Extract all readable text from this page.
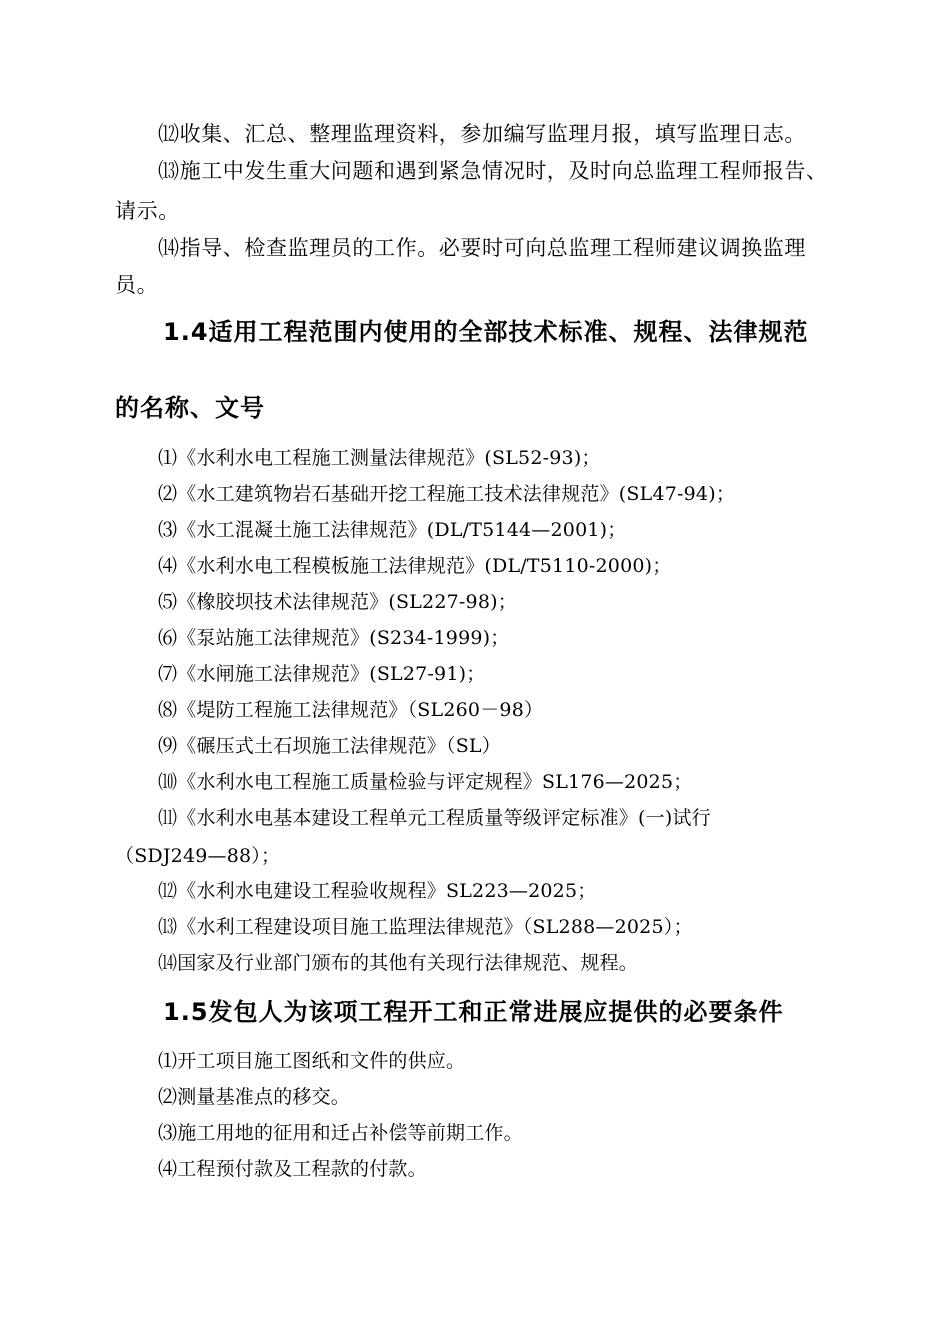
⑿收集、汇总、整理监理资料，参加编写监理月报，填写监理日志。
⒀施工中发生重大问题和遇到紧急情况时，及时向总监理工程师报告、
请示。
⒁指导、检查监理员的工作。必要时可向总监理工程师建议调换监理
员。
1.4适用工程范围内使用的全部技术标准、规程、法律规范
的名称、文号
⑴《水利水电工程施工测量法律规范》(SL52-93)；
⑵《水工建筑物岩石基础开挖工程施工技术法律规范》(SL47-94)；
⑶《水工混凝土施工法律规范》(DL/T5144—2001)；
⑷《水利水电工程模板施工法律规范》(DL/T5110-2000)；
⑸《橡胶坝技术法律规范》(SL227-98)；
⑹《泵站施工法律规范》(S234-1999)；
⑺《水闸施工法律规范》(SL27-91)；
⑻《堤防工程施工法律规范》（SL260－98）
⑼《碾压式土石坝施工法律规范》（SL）
⑽《水利水电工程施工质量检验与评定规程》SL176—2025；
⑾《水利水电基本建设工程单元工程质量等级评定标准》(一)试行
（SDJ249—88）；
⑿《水利水电建设工程验收规程》SL223—2025；
⒀《水利工程建设项目施工监理法律规范》（SL288—2025）；
⒁国家及行业部门颁布的其他有关现行法律规范、规程。
1.5发包人为该项工程开工和正常进展应提供的必要条件
⑴开工项目施工图纸和文件的供应。
⑵测量基准点的移交。
⑶施工用地的征用和迁占补偿等前期工作。
⑷工程预付款及工程款的付款。
